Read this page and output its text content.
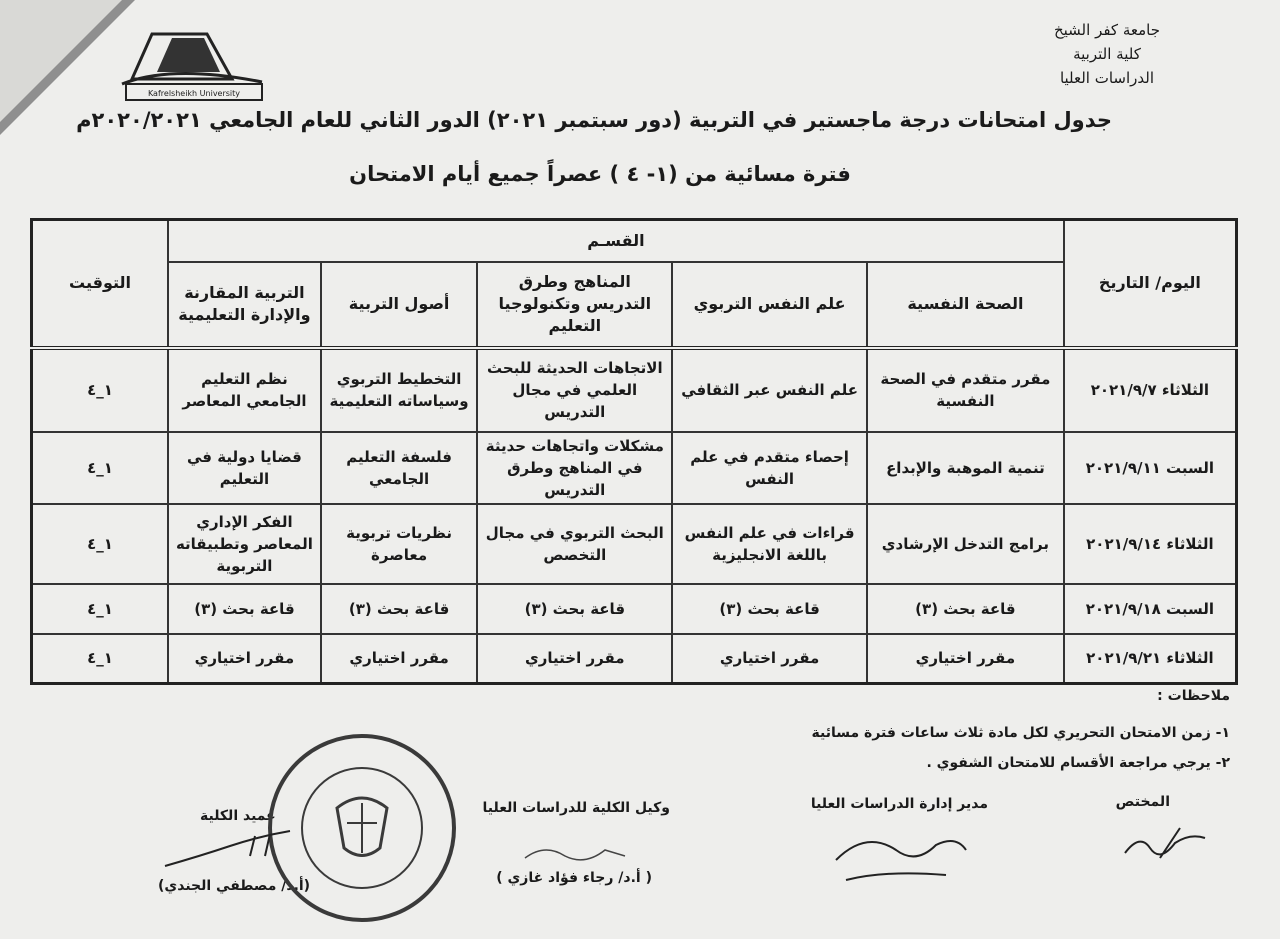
Kafrelsheikh University
جامعة كفر الشيخ
كلية التربية
الدراسات العليا
جدول امتحانات درجة ماجستير في التربية (دور سبتمبر ٢٠٢١) الدور الثاني للعام الجامعي ٢٠٢٠/٢٠٢١م
فترة مسائية من (١- ٤ ) عصراً جميع أيام الامتحان
اليوم/ التاريخ	القسـم					التوقيت
	الصحة النفسية	علم النفس التربوي	المناهج وطرق التدريس وتكنولوجيا التعليم	أصول التربية	التربية المقارنة والإدارة التعليمية	
الثلاثاء ٢٠٢١/٩/٧	مقرر متقدم في الصحة النفسية	علم النفس عبر الثقافي	الاتجاهات الحديثة للبحث العلمي في مجال التدريس	التخطيط التربوي وسياساته التعليمية	نظم التعليم الجامعي المعاصر	١_٤
السبت ٢٠٢١/٩/١١	تنمية الموهبة والإبداع	إحصاء متقدم في علم النفس	مشكلات واتجاهات حديثة في المناهج وطرق التدريس	فلسفة التعليم الجامعي	قضايا دولية في التعليم	١_٤
الثلاثاء ٢٠٢١/٩/١٤	برامج التدخل الإرشادي	قراءات في علم النفس باللغة الانجليزية	البحث التربوي في مجال التخصص	نظريات تربوية معاصرة	الفكر الإداري المعاصر وتطبيقاته التربوية	١_٤
السبت ٢٠٢١/٩/١٨	قاعة بحث (٣)	قاعة بحث (٣)	قاعة بحث (٣)	قاعة بحث (٣)	قاعة بحث (٣)	١_٤
الثلاثاء ٢٠٢١/٩/٢١	مقرر اختياري	مقرر اختياري	مقرر اختياري	مقرر اختياري	مقرر اختياري	١_٤
ملاحظات :
١- زمن الامتحان التحريري لكل مادة ثلاث ساعات فترة مسائية
٢- يرجي مراجعة الأقسام للامتحان الشفوي .
المختص
مدير إدارة الدراسات العليا
وكيل الكلية للدراسات العليا
( أ.د/ رجاء فؤاد غازي )
عميد الكلية
(أ.د/ مصطفي الجندي)
